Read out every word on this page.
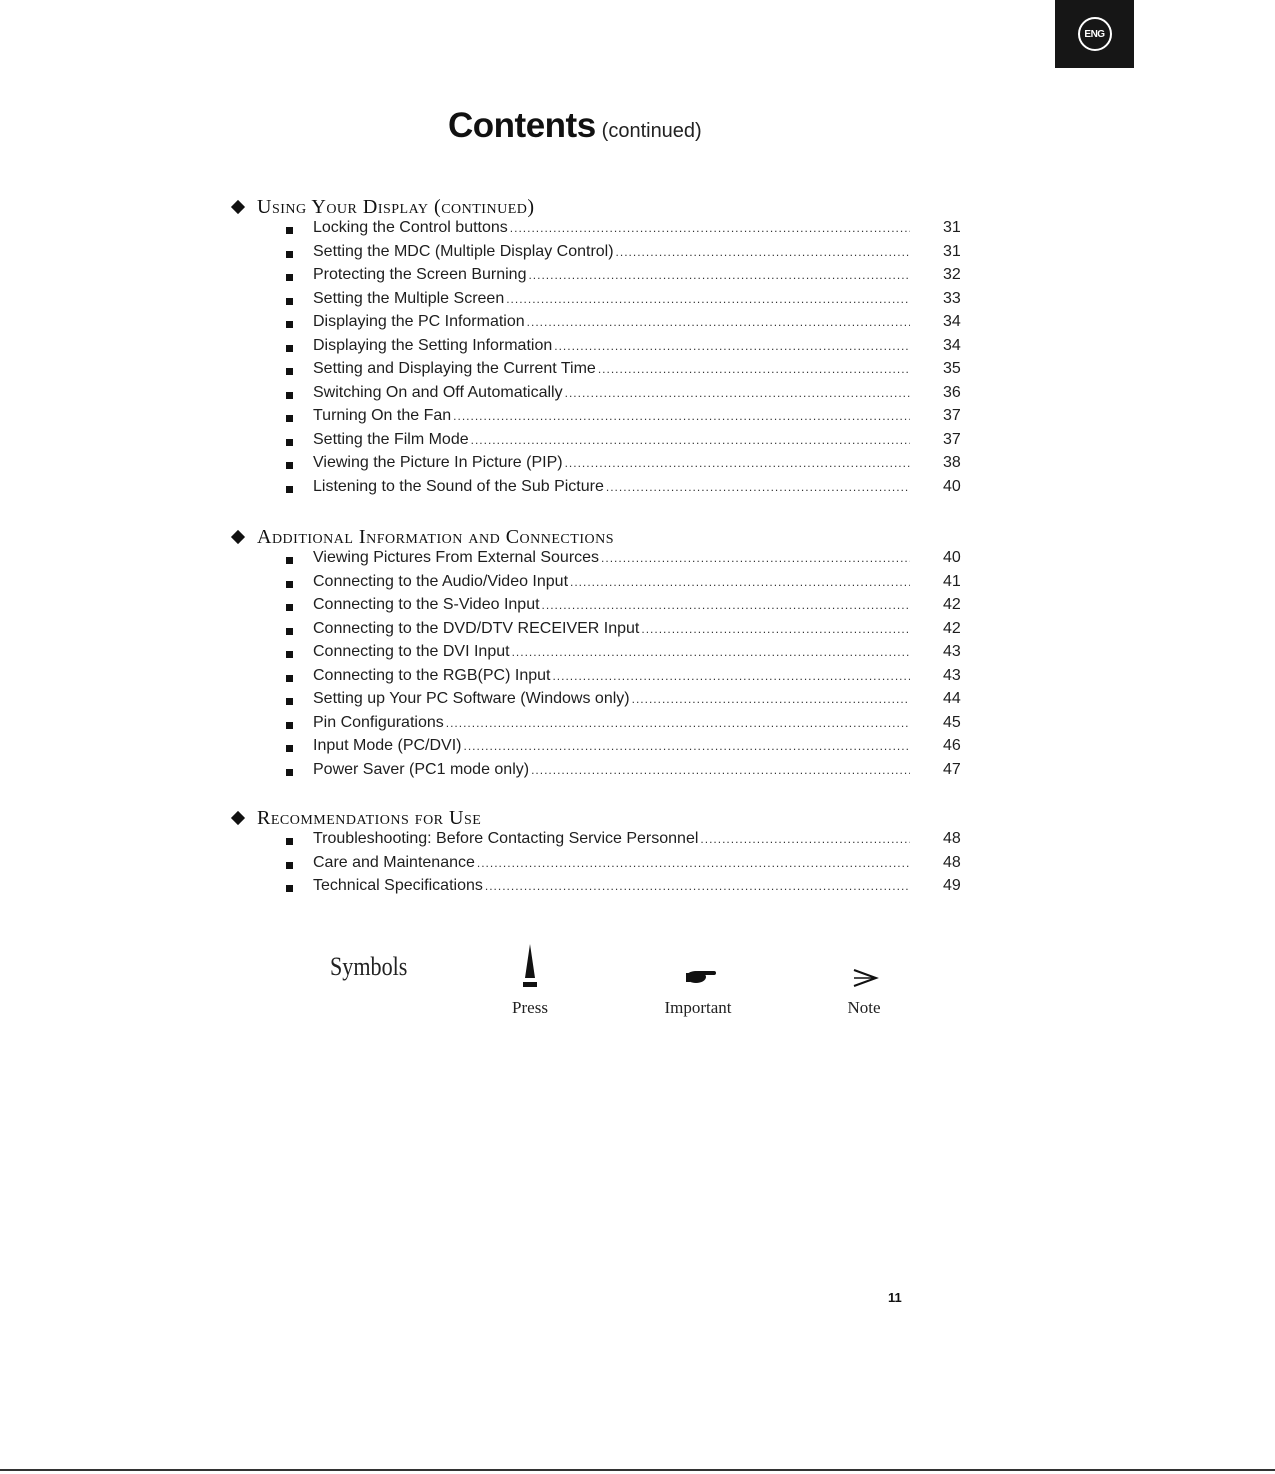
ENG
Contents (continued)
Using Your Display (continued)
Locking the Control buttons .....	31
Setting the MDC (Multiple Display Control) .....	31
Protecting the Screen Burning .....	32
Setting the Multiple Screen .....	33
Displaying the PC Information .....	34
Displaying the Setting Information .....	34
Setting and Displaying the Current Time .....	35
Switching On and Off Automatically .....	36
Turning On the Fan .....	37
Setting the Film Mode .....	37
Viewing the Picture In Picture (PIP) .....	38
Listening to the Sound of the Sub Picture .....	40
Additional Information and Connections
Viewing Pictures From External Sources .....	40
Connecting to the Audio/Video Input .....	41
Connecting to the S-Video Input .....	42
Connecting to the DVD/DTV RECEIVER Input .....	42
Connecting to the DVI Input .....	43
Connecting to the RGB(PC) Input .....	43
Setting up Your PC Software (Windows only) .....	44
Pin Configurations .....	45
Input Mode (PC/DVI) .....	46
Power Saver (PC1 mode only) .....	47
Recommendations for Use
Troubleshooting: Before Contacting Service Personnel .....	48
Care and Maintenance .....	48
Technical Specifications .....	49
Symbols
Press	Important	Note
11
